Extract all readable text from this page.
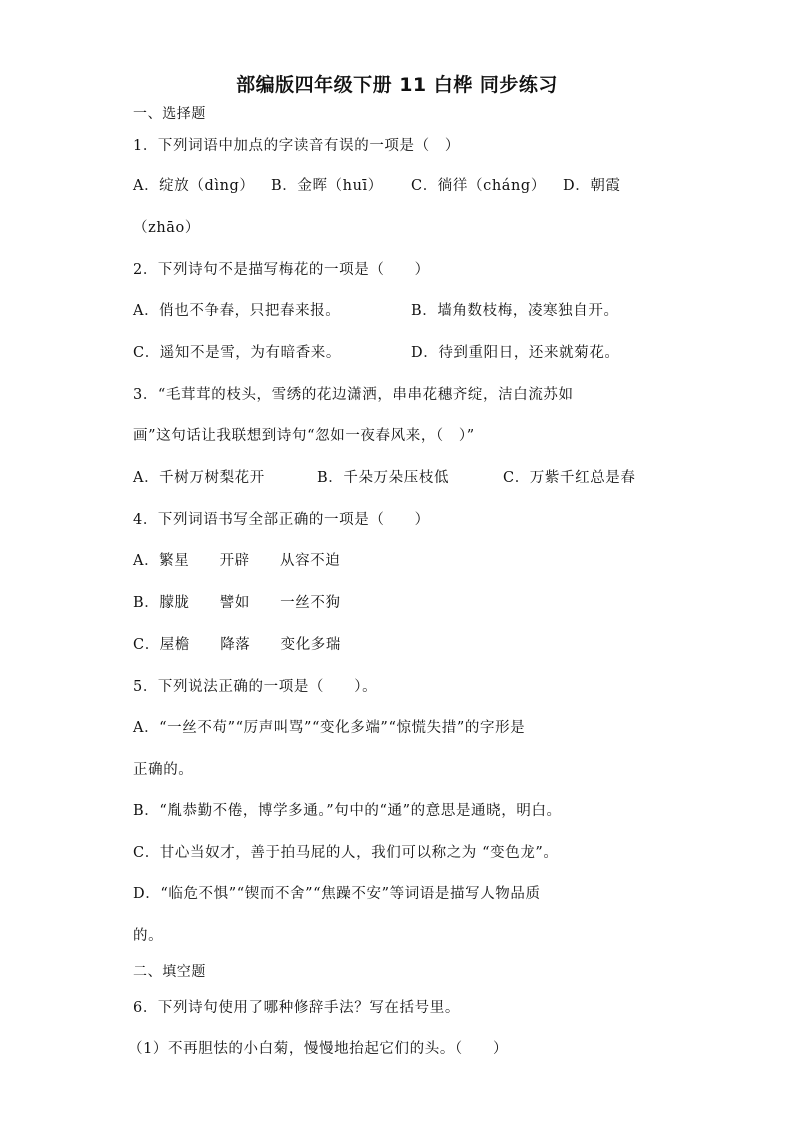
部编版四年级下册 11 白桦 同步练习
一、选择题
1．下列词语中加点的字读音有误的一项是（　）
A．绽放（dìng）	B．金晖（huī）	C．徜徉（cháng）	D．朝霞
（zhāo）
2．下列诗句不是描写梅花的一项是（　　）
A．俏也不争春，只把春来报。	B．墙角数枝梅，凌寒独自开。
C．遥知不是雪，为有暗香来。	D．待到重阳日，还来就菊花。
3．“毛茸茸的枝头，雪绣的花边潇洒，串串花穗齐绽，洁白流苏如
画”这句话让我联想到诗句“忽如一夜春风来，（　）”
A．千树万树梨花开	B．千朵万朵压枝低	C．万紫千红总是春
4．下列词语书写全部正确的一项是（　　）
A．繁星　　开辟　　从容不迫
B．朦胧　　譬如　　一丝不狗
C．屋檐　　降落　　变化多瑞
5．下列说法正确的一项是（　　）。
A．“一丝不苟”“厉声叫骂”“变化多端”“惊慌失措”的字形是
正确的。
B．“胤恭勤不倦，博学多通。”句中的“通”的意思是通晓，明白。
C．甘心当奴才，善于拍马屁的人，我们可以称之为 “变色龙”。
D．“临危不惧”“锲而不舍”“焦躁不安”等词语是描写人物品质
的。
二、填空题
6．下列诗句使用了哪种修辞手法？写在括号里。
（1）不再胆怯的小白菊，慢慢地抬起它们的头。（　　）
